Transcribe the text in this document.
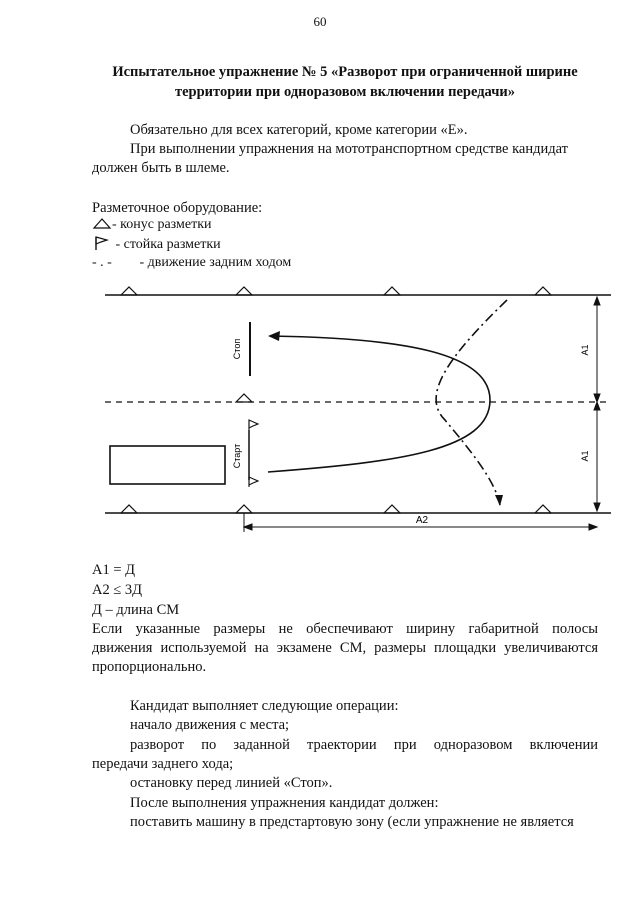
60
Испытательное упражнение № 5 «Разворот при ограниченной ширине
территории при одноразовом включении передачи»
Обязательно для всех категорий, кроме категории «Е».
При выполнении упражнения на мототранспортном средстве кандидат
должен быть в шлеме.
Разметочное оборудование:
- конус разметки
- стойка разметки
- . - - движение задним ходом
Стоп
Старт
А1
А1
А2
А1 = Д
А2 ≤ 3Д
Д – длина СМ
Если указанные размеры не обеспечивают ширину габаритной полосы
движения используемой на экзамене СМ, размеры площадки увеличиваются
пропорционально.
Кандидат выполняет следующие операции:
начало движения с места;
разворот по заданной траектории при одноразовом включении
передачи заднего хода;
остановку перед линией «Стоп».
После выполнения упражнения кандидат должен:
поставить машину в предстартовую зону (если упражнение не является
